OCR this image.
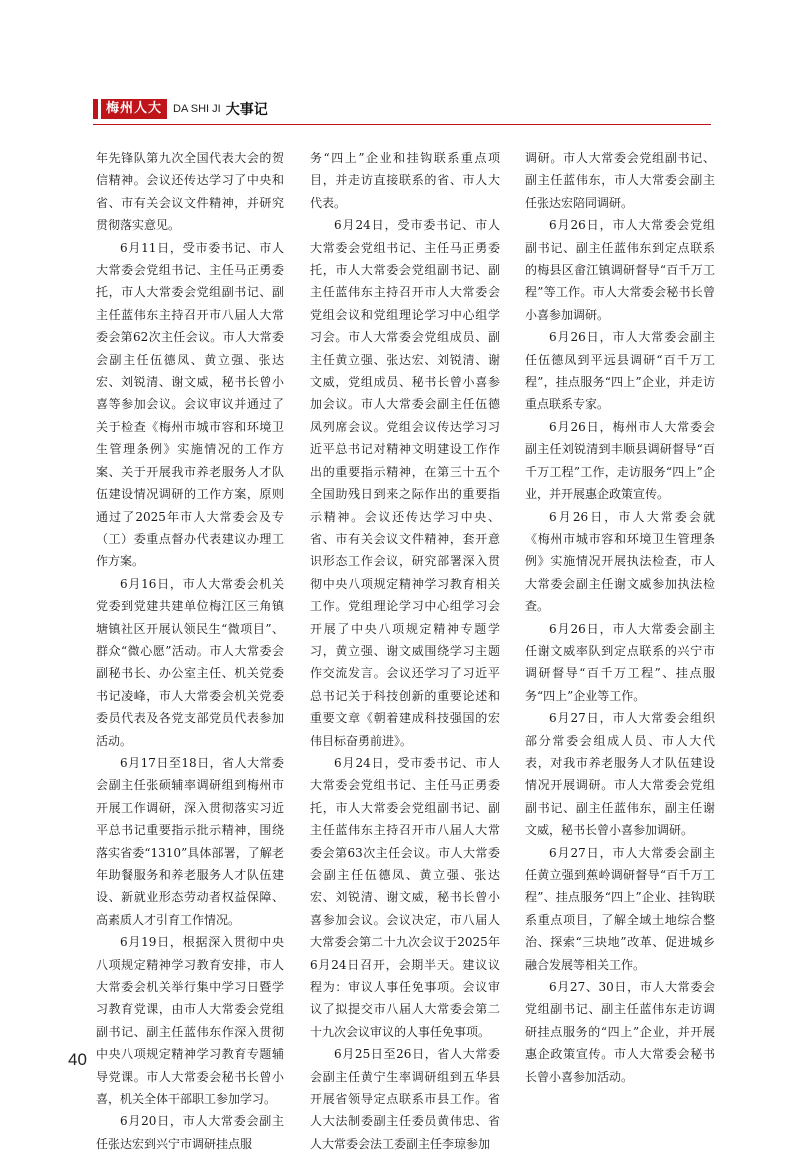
梅州人大	DA SHI JI 大事记

年先锋队第九次全国代表大会的贺信精神。会议还传达学习了中央和省、市有关会议文件精神，并研究贯彻落实意见。

6月11日，受市委书记、市人大常委会党组书记、主任马正勇委托，市人大常委会党组副书记、副主任蓝伟东主持召开市八届人大常委会第62次主任会议。市人大常委会副主任伍德凤、黄立强、张达宏、刘锐清、谢文威，秘书长曾小喜等参加会议。会议审议并通过了关于检查《梅州市城市容和环境卫生管理条例》实施情况的工作方案、关于开展我市养老服务人才队伍建设情况调研的工作方案，原则通过了2025年市人大常委会及专（工）委重点督办代表建议办理工作方案。

6月16日，市人大常委会机关党委到党建共建单位梅江区三角镇塘镇社区开展认领民生“微项目”、群众“微心愿”活动。市人大常委会副秘书长、办公室主任、机关党委书记凌峰，市人大常委会机关党委委员代表及各党支部党员代表参加活动。

6月17日至18日，省人大常委会副主任张硕辅率调研组到梅州市开展工作调研，深入贯彻落实习近平总书记重要指示批示精神，围绕落实省委“1310”具体部署，了解老年助餐服务和养老服务人才队伍建设、新就业形态劳动者权益保障、高素质人才引育工作情况。

6月19日，根据深入贯彻中央八项规定精神学习教育安排，市人大常委会机关举行集中学习日暨学习教育党课，由市人大常委会党组副书记、副主任蓝伟东作深入贯彻中央八项规定精神学习教育专题辅导党课。市人大常委会秘书长曾小喜，机关全体干部职工参加学习。

6月20日，市人大常委会副主任张达宏到兴宁市调研挂点服

务“四上”企业和挂钩联系重点项目，并走访直接联系的省、市人大代表。

6月24日，受市委书记、市人大常委会党组书记、主任马正勇委托，市人大常委会党组副书记、副主任蓝伟东主持召开市人大常委会党组会议和党组理论学习中心组学习会。市人大常委会党组成员、副主任黄立强、张达宏、刘锐清、谢文威，党组成员、秘书长曾小喜参加会议。市人大常委会副主任伍德凤列席会议。党组会议传达学习习近平总书记对精神文明建设工作作出的重要指示精神，在第三十五个全国助残日到来之际作出的重要指示精神。会议还传达学习中央、省、市有关会议文件精神，套开意识形态工作会议，研究部署深入贯彻中央八项规定精神学习教育相关工作。党组理论学习中心组学习会开展了中央八项规定精神专题学习，黄立强、谢文威围绕学习主题作交流发言。会议还学习了习近平总书记关于科技创新的重要论述和重要文章《朝着建成科技强国的宏伟目标奋勇前进》。

6月24日，受市委书记、市人大常委会党组书记、主任马正勇委托，市人大常委会党组副书记、副主任蓝伟东主持召开市八届人大常委会第63次主任会议。市人大常委会副主任伍德凤、黄立强、张达宏、刘锐清、谢文威，秘书长曾小喜参加会议。会议决定，市八届人大常委会第二十九次会议于2025年6月24日召开，会期半天。建议议程为：审议人事任免事项。会议审议了拟提交市八届人大常委会第二十九次会议审议的人事任免事项。

6月25日至26日，省人大常委会副主任黄宁生率调研组到五华县开展省领导定点联系市县工作。省人大法制委副主任委员黄伟忠、省人大常委会法工委副主任李琼参加

调研。市人大常委会党组副书记、副主任蓝伟东，市人大常委会副主任张达宏陪同调研。

6月26日，市人大常委会党组副书记、副主任蓝伟东到定点联系的梅县区畲江镇调研督导“百千万工程”等工作。市人大常委会秘书长曾小喜参加调研。

6月26日，市人大常委会副主任伍德凤到平远县调研“百千万工程”，挂点服务“四上”企业，并走访重点联系专家。

6月26日，梅州市人大常委会副主任刘锐清到丰顺县调研督导“百千万工程”工作，走访服务“四上”企业，并开展惠企政策宣传。

6月26日，市人大常委会就《梅州市城市容和环境卫生管理条例》实施情况开展执法检查，市人大常委会副主任谢文威参加执法检查。

6月26日，市人大常委会副主任谢文威率队到定点联系的兴宁市调研督导“百千万工程”、挂点服务“四上”企业等工作。

6月27日，市人大常委会组织部分常委会组成人员、市人大代表，对我市养老服务人才队伍建设情况开展调研。市人大常委会党组副书记、副主任蓝伟东，副主任谢文威，秘书长曾小喜参加调研。

6月27日，市人大常委会副主任黄立强到蕉岭调研督导“百千万工程”、挂点服务“四上”企业、挂钩联系重点项目，了解全域土地综合整治、探索“三块地”改革、促进城乡融合发展等相关工作。

6月27、30日，市人大常委会党组副书记、副主任蓝伟东走访调研挂点服务的“四上”企业，并开展惠企政策宣传。市人大常委会秘书长曾小喜参加活动。

40
